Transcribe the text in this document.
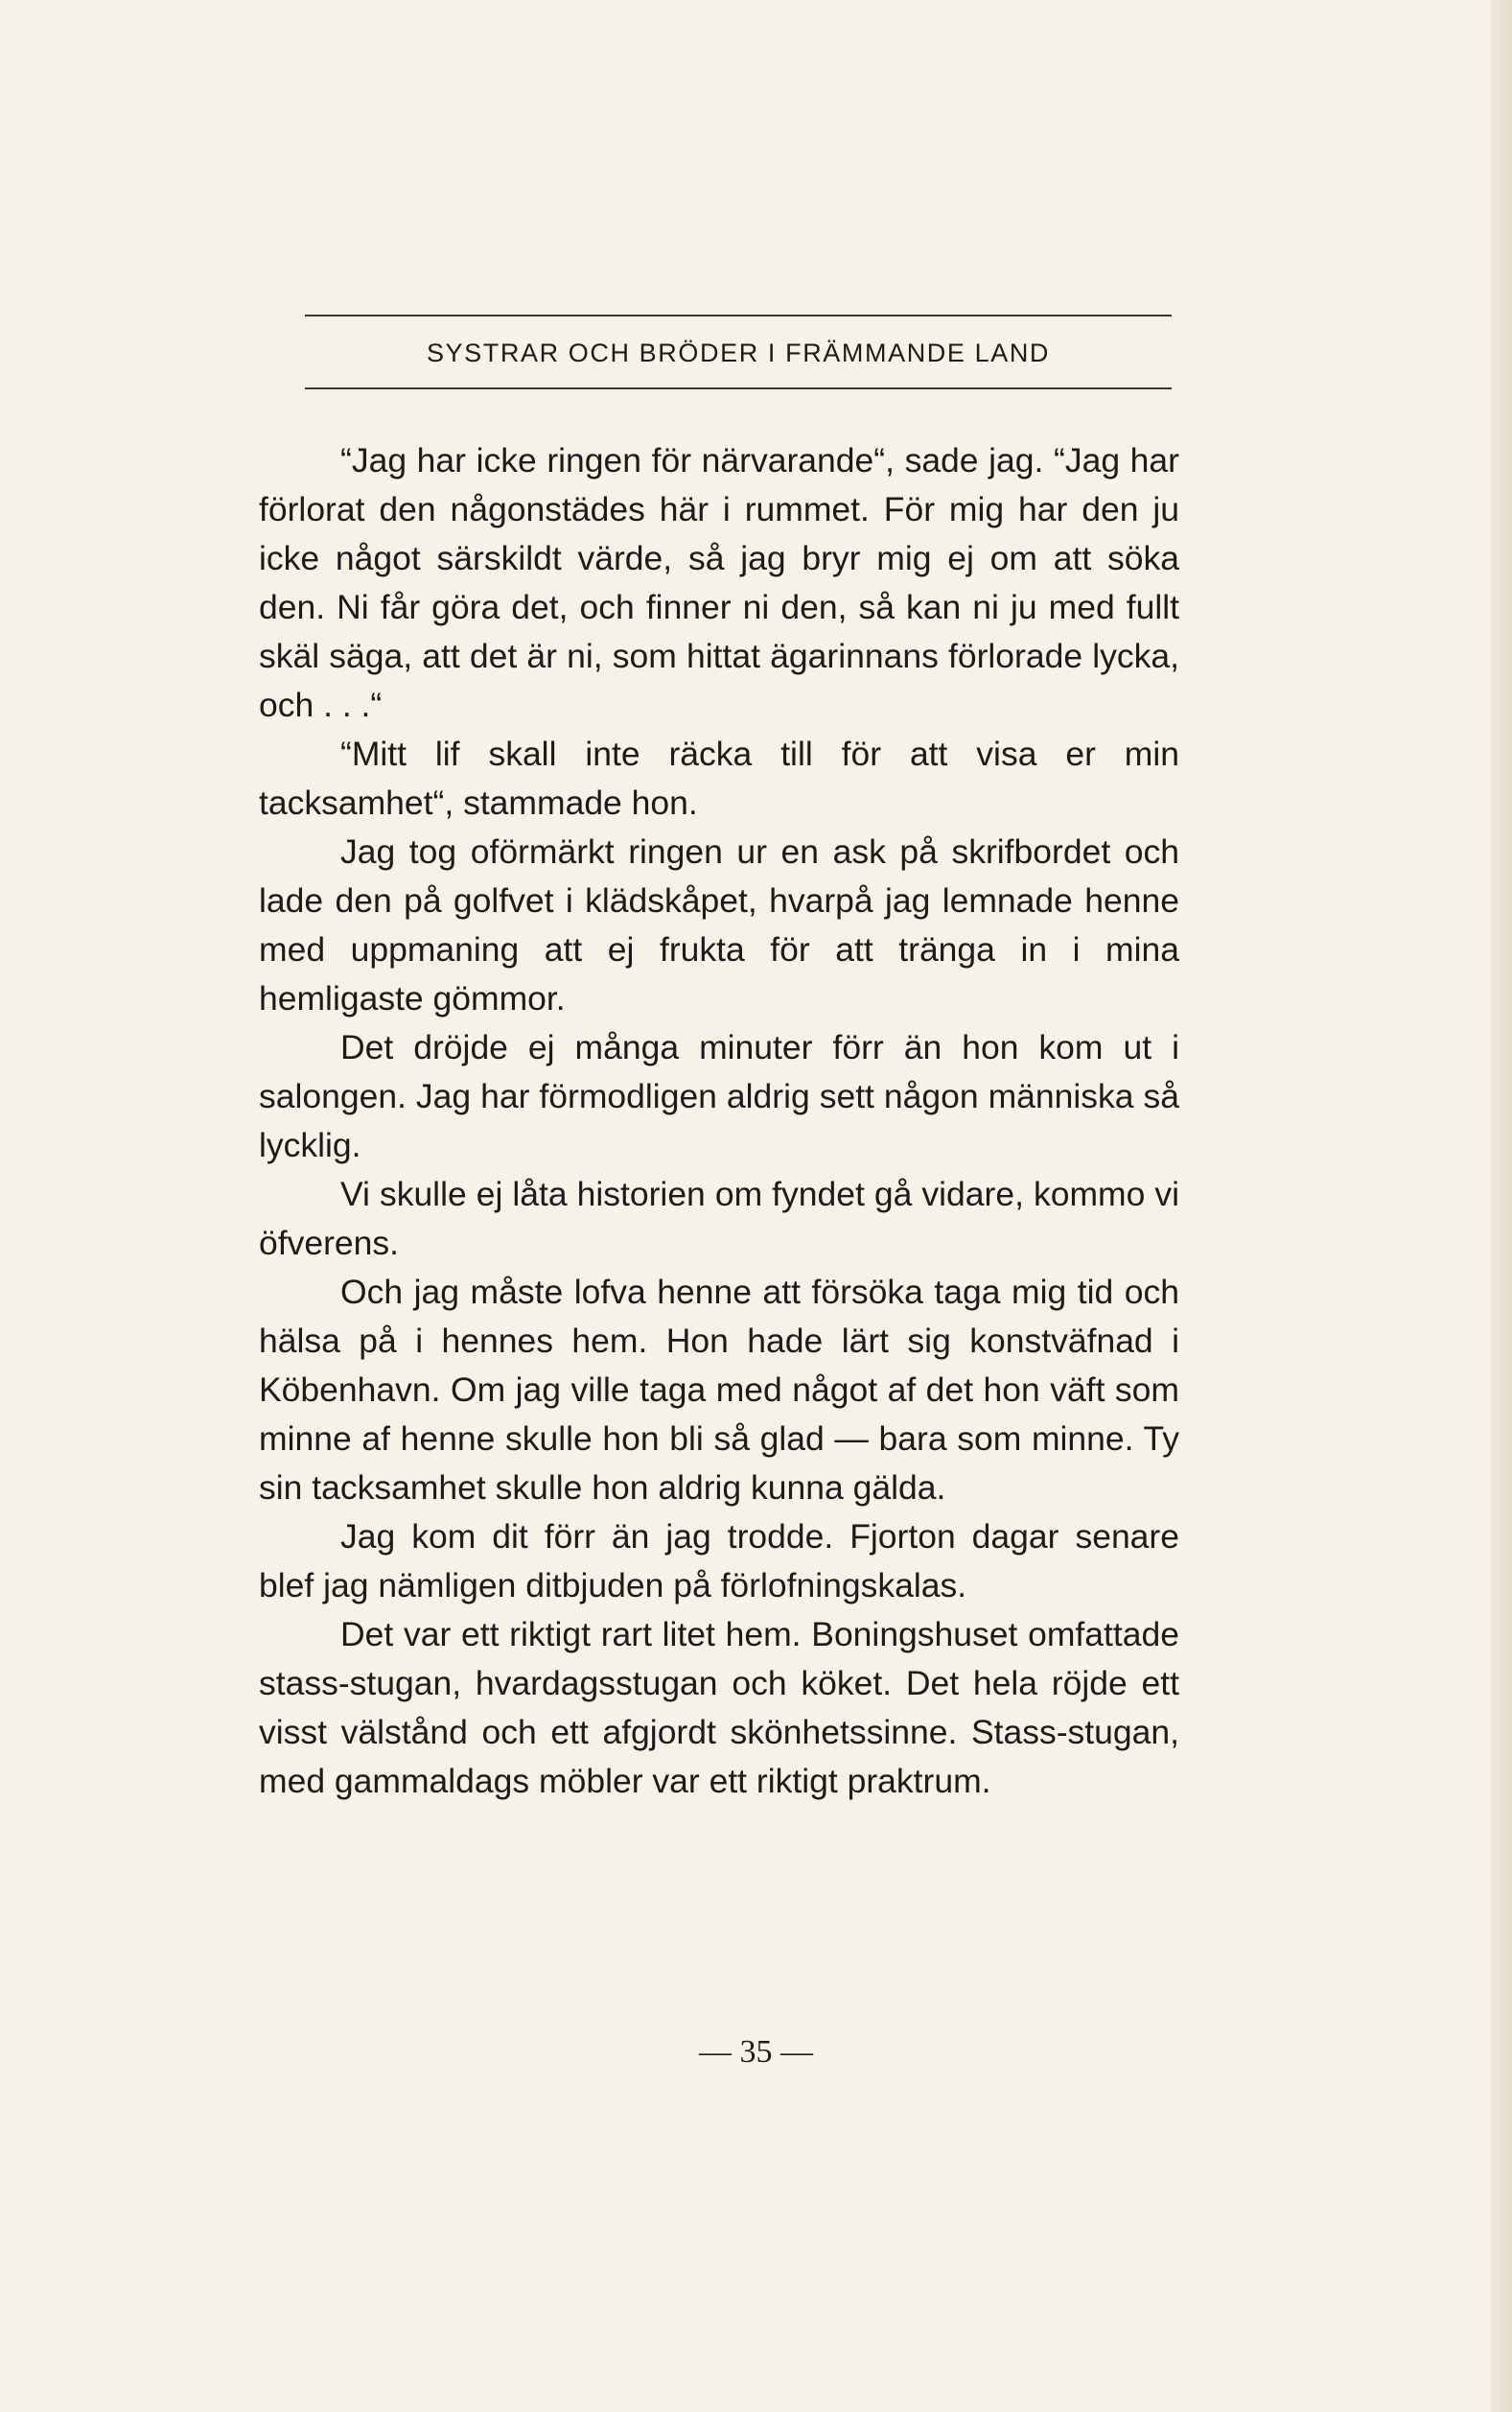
SYSTRAR OCH BRÖDER I FRÄMMANDE LAND

“Jag har icke ringen för närvarande“, sade jag. “Jag har förlorat den någonstädes här i rummet. För mig har den ju icke något särskildt värde, så jag bryr mig ej om att söka den. Ni får göra det, och finner ni den, så kan ni ju med fullt skäl säga, att det är ni, som hittat ägarinnans förlorade lycka, och . . .“

“Mitt lif skall inte räcka till för att visa er min tacksamhet“, stammade hon.

Jag tog oförmärkt ringen ur en ask på skrifbordet och lade den på golfvet i klädskåpet, hvarpå jag lemnade henne med uppmaning att ej frukta för att tränga in i mina hemligaste gömmor.

Det dröjde ej många minuter förr än hon kom ut i salongen. Jag har förmodligen aldrig sett någon människa så lycklig.

Vi skulle ej låta historien om fyndet gå vidare, kommo vi öfverens.

Och jag måste lofva henne att försöka taga mig tid och hälsa på i hennes hem. Hon hade lärt sig konstväfnad i Köbenhavn. Om jag ville taga med något af det hon väft som minne af henne skulle hon bli så glad — bara som minne. Ty sin tacksamhet skulle hon aldrig kunna gälda.

Jag kom dit förr än jag trodde. Fjorton dagar senare blef jag nämligen ditbjuden på förlofningskalas.

Det var ett riktigt rart litet hem. Boningshuset omfattade stass-stugan, hvardagsstugan och köket. Det hela röjde ett visst välstånd och ett afgjordt skönhetssinne. Stass-stugan, med gammaldags möbler var ett riktigt praktrum.

— 35 —
